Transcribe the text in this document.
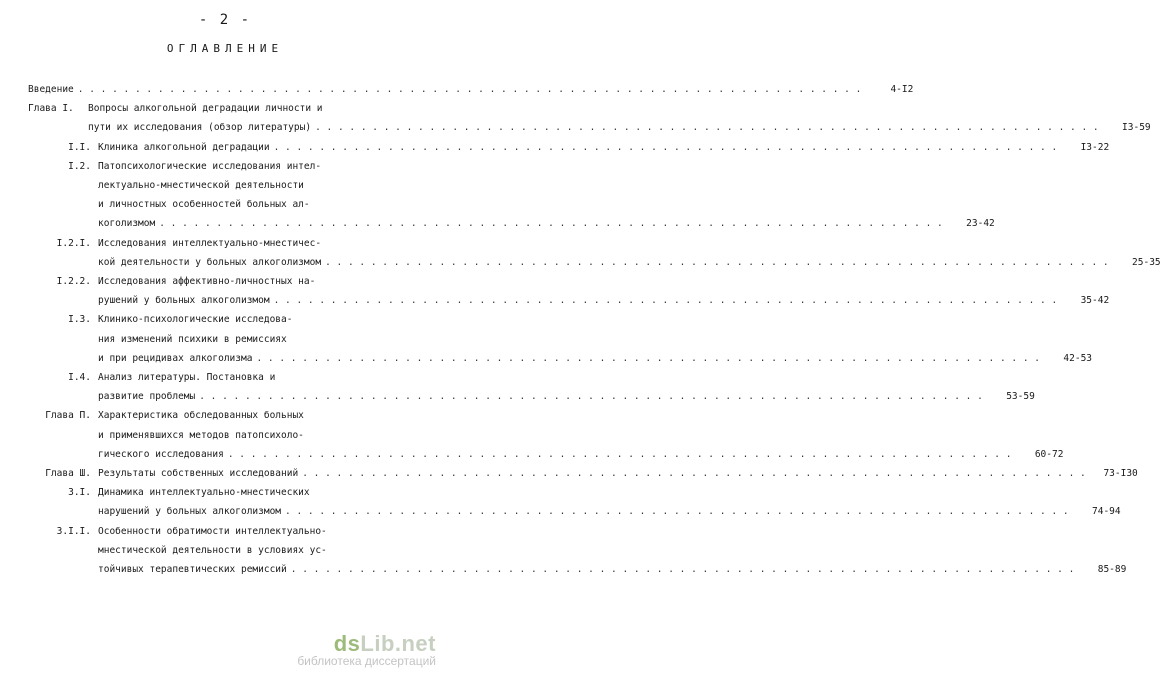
- 2 -
ОГЛАВЛЕНИЕ
Введение . . .	4-I2
Глава I.	Вопросы алкогольной деградации личности и
пути их исследования (обзор литературы) . . .	I3-59
I.I. Клиника алкогольной деградации . . .	I3-22
I.2. Патопсихологические исследования интел-
лектуально-мнестической деятельности
и личностных особенностей больных ал-
коголизмом . . .	23-42
I.2.I. Исследования интеллектуально-мнестичес-
кой деятельности у больных алкоголизмом . . .	25-35
I.2.2. Исследования аффективно-личностных на-
рушений у больных алкоголизмом . . .	35-42
I.3. Клинико-психологические исследова-
ния изменений психики в ремиссиях
и при рецидивах алкоголизма . . .	42-53
I.4. Анализ литературы. Постановка и
развитие проблемы . . .	53-59
Глава П. Характеристика обследованных больных
и применявшихся методов патопсихоло-
гического исследования . . .	60-72
Глава Ш. Результаты собственных исследований . . .	73-I30
3.I. Динамика интеллектуально-мнестических
нарушений у больных алкоголизмом . . .	74-94
3.I.I. Особенности обратимости интеллектуально-
мнестической деятельности в условиях ус-
тойчивых терапевтических ремиссий . . .	85-89
dsLib.net
библиотека диссертаций
